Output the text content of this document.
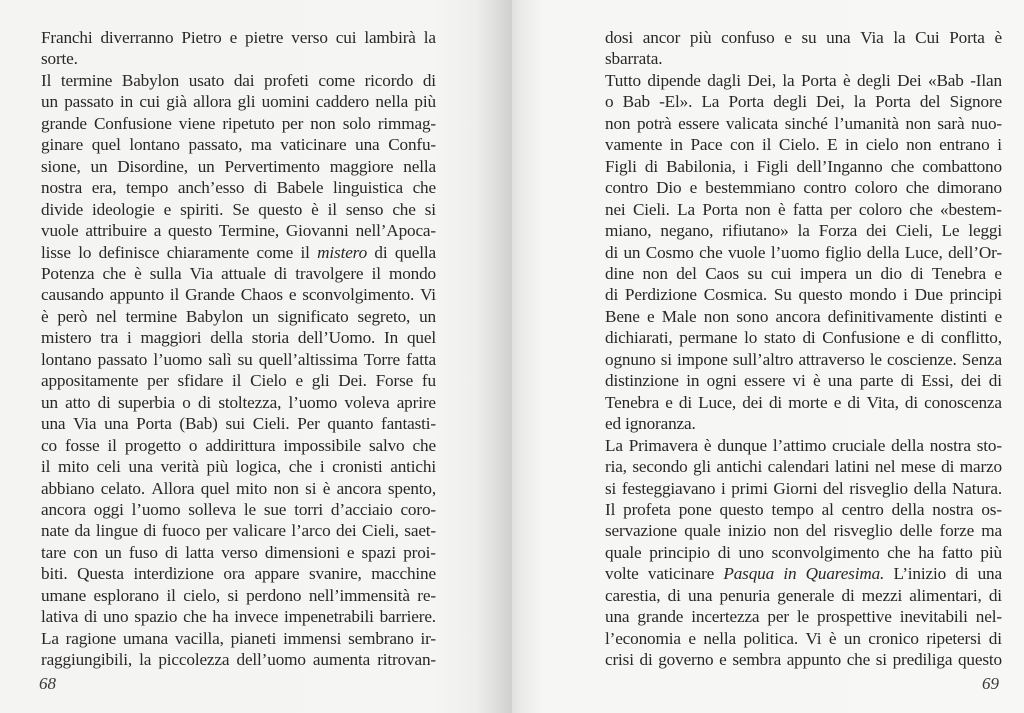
Franchi diverranno Pietro e pietre verso cui lambirà la
sorte.
Il termine Babylon usato dai profeti come ricordo di
un passato in cui già allora gli uomini caddero nella più
grande Confusione viene ripetuto per non solo rimmag-
ginare quel lontano passato, ma vaticinare una Confu-
sione, un Disordine, un Pervertimento maggiore nella
nostra era, tempo anch’esso di Babele linguistica che
divide ideologie e spiriti. Se questo è il senso che si
vuole attribuire a questo Termine, Giovanni nell’Apoca-
lisse lo definisce chiaramente come il mistero di quella
Potenza che è sulla Via attuale di travolgere il mondo
causando appunto il Grande Chaos e sconvolgimento. Vi
è però nel termine Babylon un significato segreto, un
mistero tra i maggiori della storia dell’Uomo. In quel
lontano passato l’uomo salì su quell’altissima Torre fatta
appositamente per sfidare il Cielo e gli Dei. Forse fu
un atto di superbia o di stoltezza, l’uomo voleva aprire
una Via una Porta (Bab) sui Cieli. Per quanto fantasti-
co fosse il progetto o addirittura impossibile salvo che
il mito celi una verità più logica, che i cronisti antichi
abbiano celato. Allora quel mito non si è ancora spento,
ancora oggi l’uomo solleva le sue torri d’acciaio coro-
nate da lingue di fuoco per valicare l’arco dei Cieli, saet-
tare con un fuso di latta verso dimensioni e spazi proi-
biti. Questa interdizione ora appare svanire, macchine
umane esplorano il cielo, si perdono nell’immensità re-
lativa di uno spazio che ha invece impenetrabili barriere.
La ragione umana vacilla, pianeti immensi sembrano ir-
raggiungibili, la piccolezza dell’uomo aumenta ritrovan-
68
dosi ancor più confuso e su una Via la Cui Porta è
sbarrata.
Tutto dipende dagli Dei, la Porta è degli Dei «Bab -Ilan
o Bab -El». La Porta degli Dei, la Porta del Signore
non potrà essere valicata sinché l’umanità non sarà nuo-
vamente in Pace con il Cielo. E in cielo non entrano i
Figli di Babilonia, i Figli dell’Inganno che combattono
contro Dio e bestemmiano contro coloro che dimorano
nei Cieli. La Porta non è fatta per coloro che «bestem-
miano, negano, rifiutano» la Forza dei Cieli, Le leggi
di un Cosmo che vuole l’uomo figlio della Luce, dell’Or-
dine non del Caos su cui impera un dio di Tenebra e
di Perdizione Cosmica. Su questo mondo i Due principi
Bene e Male non sono ancora definitivamente distinti e
dichiarati, permane lo stato di Confusione e di conflitto,
ognuno si impone sull’altro attraverso le coscienze. Senza
distinzione in ogni essere vi è una parte di Essi, dei di
Tenebra e di Luce, dei di morte e di Vita, di conoscenza
ed ignoranza.
La Primavera è dunque l’attimo cruciale della nostra sto-
ria, secondo gli antichi calendari latini nel mese di marzo
si festeggiavano i primi Giorni del risveglio della Natura.
Il profeta pone questo tempo al centro della nostra os-
servazione quale inizio non del risveglio delle forze ma
quale principio di uno sconvolgimento che ha fatto più
volte vaticinare Pasqua in Quaresima. L’inizio di una
carestia, di una penuria generale di mezzi alimentari, di
una grande incertezza per le prospettive inevitabili nel-
l’economia e nella politica. Vi è un cronico ripetersi di
crisi di governo e sembra appunto che si prediliga questo
69
